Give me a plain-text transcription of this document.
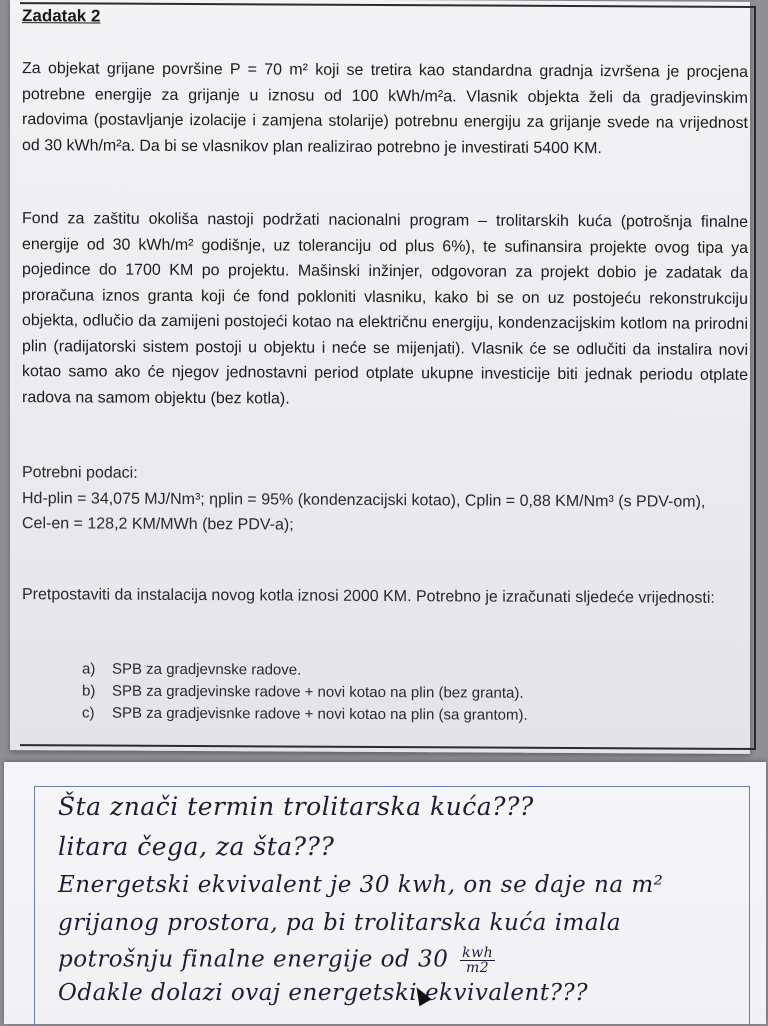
Zadatak 2
Za objekat grijane površine P = 70 m² koji se tretira kao standardna gradnja izvršena je procjena potrebne energije za grijanje u iznosu od 100 kWh/m²a. Vlasnik objekta želi da gradjevinskim radovima (postavljanje izolacije i zamjena stolarije) potrebnu energiju za grijanje svede na vrijednost od 30 kWh/m²a. Da bi se vlasnikov plan realizirao potrebno je investirati 5400 KM.
Fond za zaštitu okoliša nastoji podržati nacionalni program – trolitarskih kuća (potrošnja finalne energije od 30 kWh/m² godišnje, uz toleranciju od plus 6%), te sufinansira projekte ovog tipa ya pojedince do 1700 KM po projektu. Mašinski inžinjer, odgovoran za projekt dobio je zadatak da proračuna iznos granta koji će fond pokloniti vlasniku, kako bi se on uz postojeću rekonstrukciju objekta, odlučio da zamijeni postojeći kotao na električnu energiju, kondenzacijskim kotlom na prirodni plin (radijatorski sistem postoji u objektu i neće se mijenjati). Vlasnik će se odlučiti da instalira novi kotao samo ako će njegov jednostavni period otplate ukupne investicije biti jednak periodu otplate radova na samom objektu (bez kotla).
Potrebni podaci:
Hd-plin = 34,075 MJ/Nm³; ηplin = 95% (kondenzacijski kotao), Cplin = 0,88 KM/Nm³ (s PDV-om),
Cel-en = 128,2 KM/MWh (bez PDV-a);
Pretpostaviti da instalacija novog kotla iznosi 2000 KM. Potrebno je izračunati sljedeće vrijednosti:
a) SPB za gradjevnske radove.
b) SPB za gradjevinske radove + novi kotao na plin (bez granta).
c) SPB za gradjevisnke radove + novi kotao na plin (sa grantom).
Šta znači termin trolitarska kuća???
litara čega, za šta???
Energetski ekvivalent je 30 kwh, on se daje na m²
grijanog prostora, pa bi trolitarska kuća imala
potrošnju finalne energije od $30 \frac{\text{kwh}}{m2}$
Odakle dolazi ovaj energetski ekvivalent???
